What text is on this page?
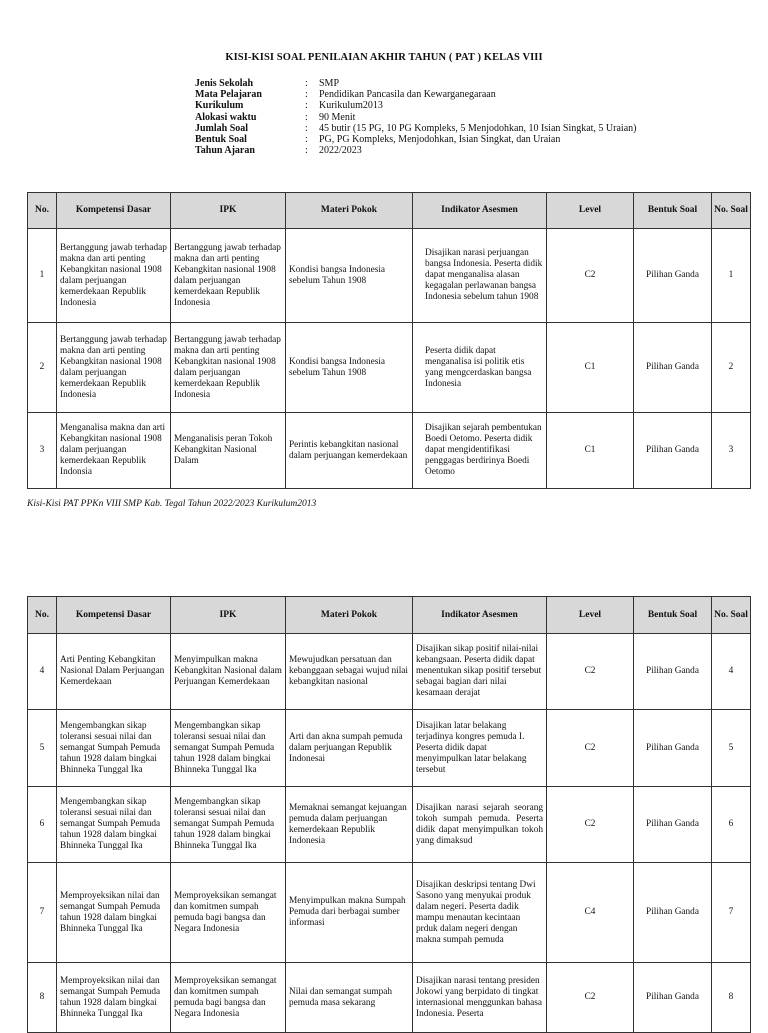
KISI-KISI SOAL PENILAIAN AKHIR TAHUN ( PAT ) KELAS VIII
Jenis Sekolah	:	SMP
Mata Pelajaran	:	Pendidikan Pancasila dan Kewarganegaraan
Kurikulum	:	Kurikulum2013
Alokasi waktu	:	90 Menit
Jumlah Soal	:	45 butir (15 PG, 10 PG Kompleks, 5 Menjodohkan, 10 Isian Singkat, 5 Uraian)
Bentuk Soal	:	PG, PG Kompleks, Menjodohkan, Isian Singkat, dan Uraian
Tahun Ajaran	:	2022/2023
No.	Kompetensi Dasar	IPK	Materi Pokok	Indikator Asesmen	Level	Bentuk Soal	No. Soal
1	Bertanggung jawab terhadap makna dan arti penting Kebangkitan nasional 1908 dalam perjuangan kemerdekaan Republik Indonesia	Bertanggung jawab terhadap makna dan arti penting Kebangkitan nasional 1908 dalam perjuangan kemerdekaan Republik Indonesia	Kondisi bangsa Indonesia sebelum Tahun 1908	Disajikan narasi perjuangan bangsa Indonesia. Peserta didik dapat menganalisa alasan kegagalan perlawanan bangsa Indonesia sebelum tahun 1908	C2	Pilihan Ganda	1
2	Bertanggung jawab terhadap makna dan arti penting Kebangkitan nasional 1908 dalam perjuangan kemerdekaan Republik Indonesia	Bertanggung jawab terhadap makna dan arti penting Kebangkitan nasional 1908 dalam perjuangan kemerdekaan Republik Indonesia	Kondisi bangsa Indonesia sebelum Tahun 1908	Peserta didik dapat menganalisa isi politik etis yang mengcerdaskan bangsa Indonesia	C1	Pilihan Ganda	2
3	Menganalisa makna dan arti Kebangkitan nasional 1908 dalam perjuangan kemerdekaan Republik Indonsia	Menganalisis peran Tokoh Kebangkitan Nasional Dalam	Perintis kebangkitan nasional dalam perjuangan kemerdekaan	Disajikan sejarah pembentukan Boedi Oetomo. Peserta didik dapat mengidentifikasi penggagas berdirinya Boedi Oetomo	C1	Pilihan Ganda	3
Kisi-Kisi PAT PPKn VIII SMP Kab. Tegal Tahun 2022/2023 Kurikulum2013
No.	Kompetensi Dasar	IPK	Materi Pokok	Indikator Asesmen	Level	Bentuk Soal	No. Soal
4	Arti Penting Kebangkitan Nasional Dalam Perjuangan Kemerdekaan	Menyimpulkan makna Kebangkitan Nasional dalam Perjuangan Kemerdekaan	Mewujudkan persatuan dan kebanggaan sebagai wujud nilai kebangkitan nasional	Disajikan sikap positif nilai-nilai kebangsaan. Peserta didik dapat menentukan sikap positif tersebut sebagai bagian dari nilai kesamaan derajat	C2	Pilihan Ganda	4
5	Mengembangkan sikap toleransi sesuai nilai dan semangat Sumpah Pemuda tahun 1928 dalam bingkai Bhinneka Tunggal Ika	Mengembangkan sikap toleransi sesuai nilai dan semangat Sumpah Pemuda tahun 1928 dalam bingkai Bhinneka Tunggal Ika	Arti dan akna sumpah pemuda dalam perjuangan Republik Indonesai	Disajikan latar belakang terjadinya kongres pemuda I. Peserta didik dapat menyimpulkan latar belakang tersebut	C2	Pilihan Ganda	5
6	Mengembangkan sikap toleransi sesuai nilai dan semangat Sumpah Pemuda tahun 1928 dalam bingkai Bhinneka Tunggal Ika	Mengembangkan sikap toleransi sesuai nilai dan semangat Sumpah Pemuda tahun 1928 dalam bingkai Bhinneka Tunggal Ika	Memaknai semangat kejuangan pemuda dalam perjuangan kemerdekaan Republik Indonesia	Disajikan narasi sejarah seorang tokoh sumpah pemuda. Peserta didik dapat menyimpulkan tokoh yang dimaksud	C2	Pilihan Ganda	6
7	Memproyeksikan nilai dan semangat Sumpah Pemuda tahun 1928 dalam bingkai Bhinneka Tunggal Ika	Memproyeksikan semangat dan komitmen sumpah pemuda bagi bangsa dan Negara Indonesia	Menyimpulkan makna Sumpah Pemuda dari berbagai sumber informasi	Disajikan deskripsi tentang Dwi Sasono yang menyukai produk dalam negeri. Peserta dadik mampu menautan kecintaan prduk dalam negeri dengan makna sumpah pemuda	C4	Pilihan Ganda	7
8	Memproyeksikan nilai dan semangat Sumpah Pemuda tahun 1928 dalam bingkai Bhinneka Tunggal Ika	Memproyeksikan semangat dan komitmen sumpah pemuda bagi bangsa dan Negara Indonesia	Nilai dan semangat sumpah pemuda masa sekarang	Disajikan narasi tentang presiden Jokowi yang berpidato di tingkat internasional menggunkan bahasa Indonesia. Peserta	C2	Pilihan Ganda	8
